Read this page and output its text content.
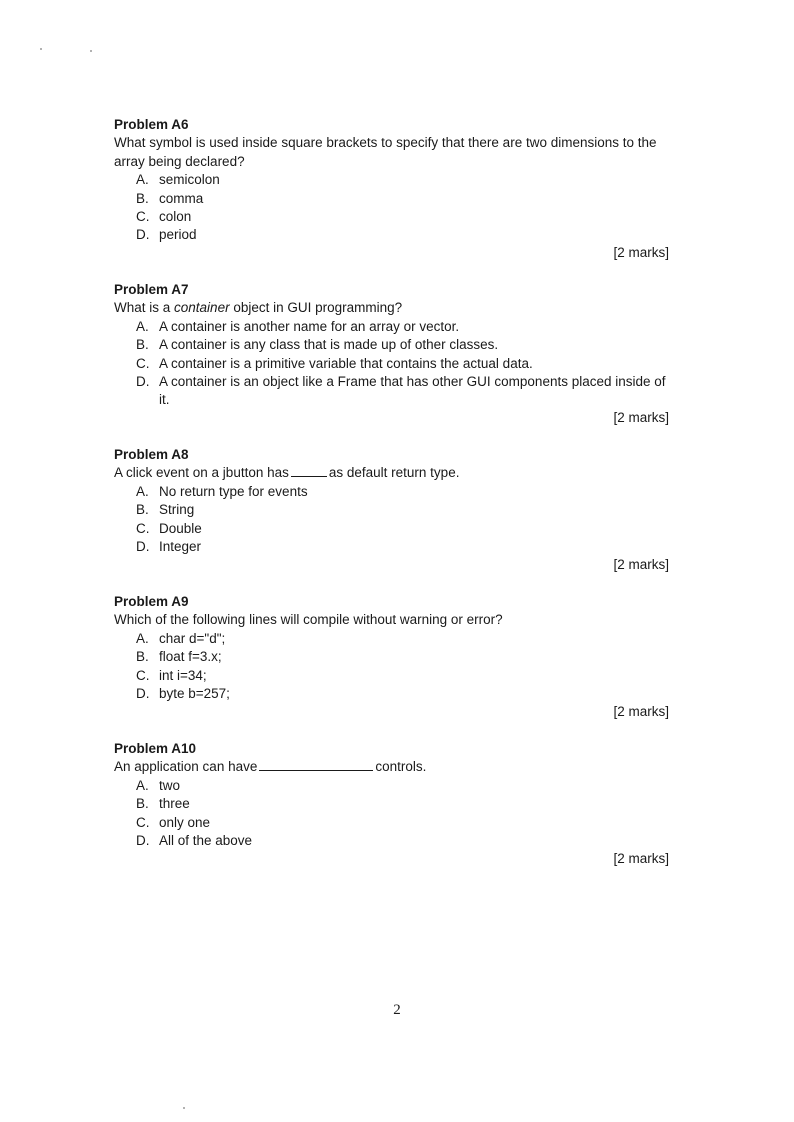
Problem A6
What symbol is used inside square brackets to specify that there are two dimensions to the array being declared?
A. semicolon
B. comma
C. colon
D. period
[2 marks]
Problem A7
What is a container object in GUI programming?
A. A container is another name for an array or vector.
B. A container is any class that is made up of other classes.
C. A container is a primitive variable that contains the actual data.
D. A container is an object like a Frame that has other GUI components placed inside of it.
[2 marks]
Problem A8
A click event on a jbutton has	as default return type.
A. No return type for events
B. String
C. Double
D. Integer
[2 marks]
Problem A9
Which of the following lines will compile without warning or error?
A. char d="d";
B. float f=3.x;
C. int i=34;
D. byte b=257;
[2 marks]
Problem A10
An application can have	controls.
A. two
B. three
C. only one
D. All of the above
[2 marks]
2
